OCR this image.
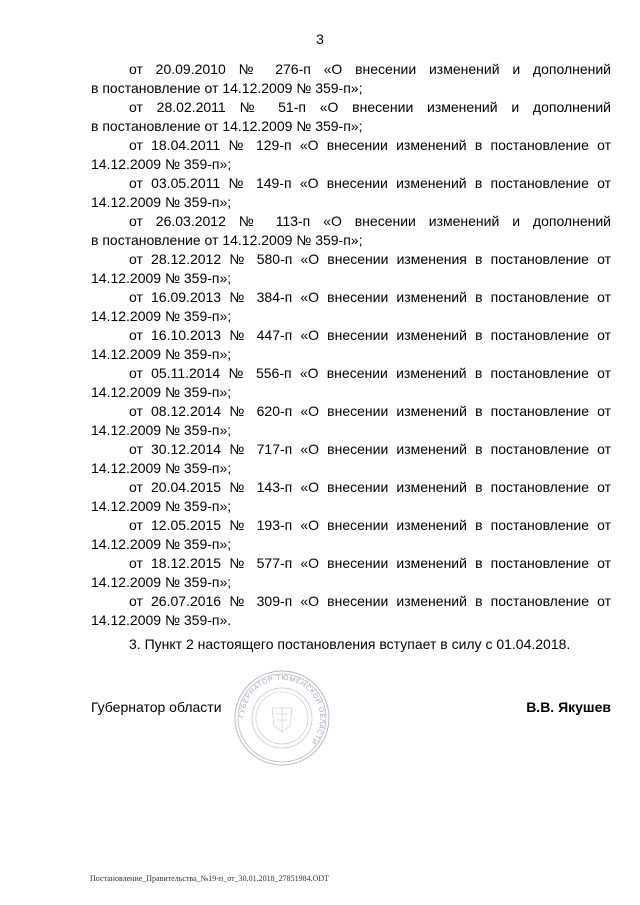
3
от 20.09.2010 № 276-п «О внесении изменений и дополнений
в постановление от 14.12.2009 № 359-п»;
от 28.02.2011 № 51-п «О внесении изменений и дополнений
в постановление от 14.12.2009 № 359-п»;
от 18.04.2011 № 129-п «О внесении изменений в постановление от
14.12.2009 № 359-п»;
от 03.05.2011 № 149-п «О внесении изменений в постановление от
14.12.2009 № 359-п»;
от 26.03.2012 № 113-п «О внесении изменений и дополнений
в постановление от 14.12.2009 № 359-п»;
от 28.12.2012 № 580-п «О внесении изменения в постановление от
14.12.2009 № 359-п»;
от 16.09.2013 № 384-п «О внесении изменений в постановление от
14.12.2009 № 359-п»;
от 16.10.2013 № 447-п «О внесении изменений в постановление от
14.12.2009 № 359-п»;
от 05.11.2014 № 556-п «О внесении изменений в постановление от
14.12.2009 № 359-п»;
от 08.12.2014 № 620-п «О внесении изменений в постановление от
14.12.2009 № 359-п»;
от 30.12.2014 № 717-п «О внесении изменений в постановление от
14.12.2009 № 359-п»;
от 20.04.2015 № 143-п «О внесении изменений в постановление от
14.12.2009 № 359-п»;
от 12.05.2015 № 193-п «О внесении изменений в постановление от
14.12.2009 № 359-п»;
от 18.12.2015 № 577-п «О внесении изменений в постановление от
14.12.2009 № 359-п»;
от 26.07.2016 № 309-п «О внесении изменений в постановление от
14.12.2009 № 359-п».
3. Пункт 2 настоящего постановления вступает в силу с 01.04.2018.
ГУБЕРНАТОР ТЮМЕНСКОЙ ОБЛАСТИ
Губернатор области	В.В. Якушев
Постановление_Правительства_№19-п_от_30.01.2018_27851984.ODT
